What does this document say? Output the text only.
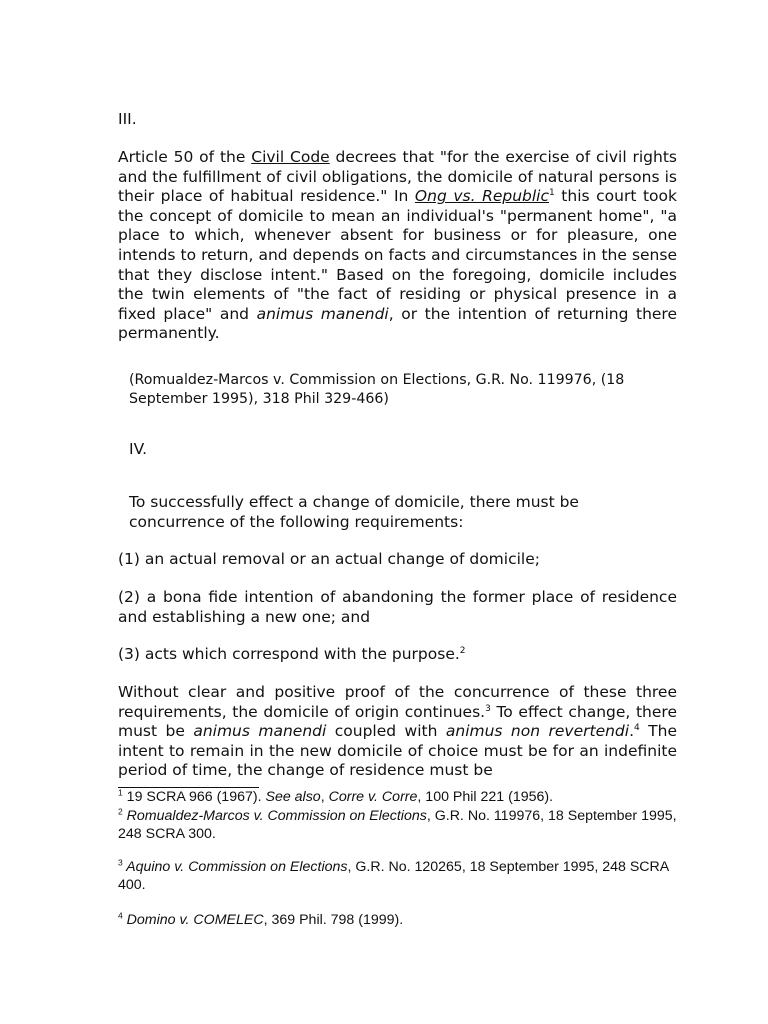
III.

Article 50 of the Civil Code decrees that "for the exercise of civil rights and the fulfillment of civil obligations, the domicile of natural persons is their place of habitual residence." In Ong vs. Republic$^1$ this court took the concept of domicile to mean an individual's "permanent home", "a place to which, whenever absent for business or for pleasure, one intends to return, and depends on facts and circumstances in the sense that they disclose intent." Based on the foregoing, domicile includes the twin elements of "the fact of residing or physical presence in a fixed place" and animus manendi, or the intention of returning there permanently.

(Romualdez-Marcos v. Commission on Elections, G.R. No. 119976, (18 September 1995), 318 Phil 329-466)

IV.

To successfully effect a change of domicile, there must be concurrence of the following requirements:

(1) an actual removal or an actual change of domicile;

(2) a bona fide intention of abandoning the former place of residence and establishing a new one; and

(3) acts which correspond with the purpose.$^2$

Without clear and positive proof of the concurrence of these three requirements, the domicile of origin continues.$^3$ To effect change, there must be animus manendi coupled with animus non revertendi.$^4$ The intent to remain in the new domicile of choice must be for an indefinite period of time, the change of residence must be

$^1$ 19 SCRA 966 (1967). See also, Corre v. Corre, 100 Phil 221 (1956).

$^2$ Romualdez-Marcos v. Commission on Elections, G.R. No. 119976, 18 September 1995, 248 SCRA 300.

$^3$ Aquino v. Commission on Elections, G.R. No. 120265, 18 September 1995, 248 SCRA
400.

$^4$ Domino v. COMELEC, 369 Phil. 798 (1999).
